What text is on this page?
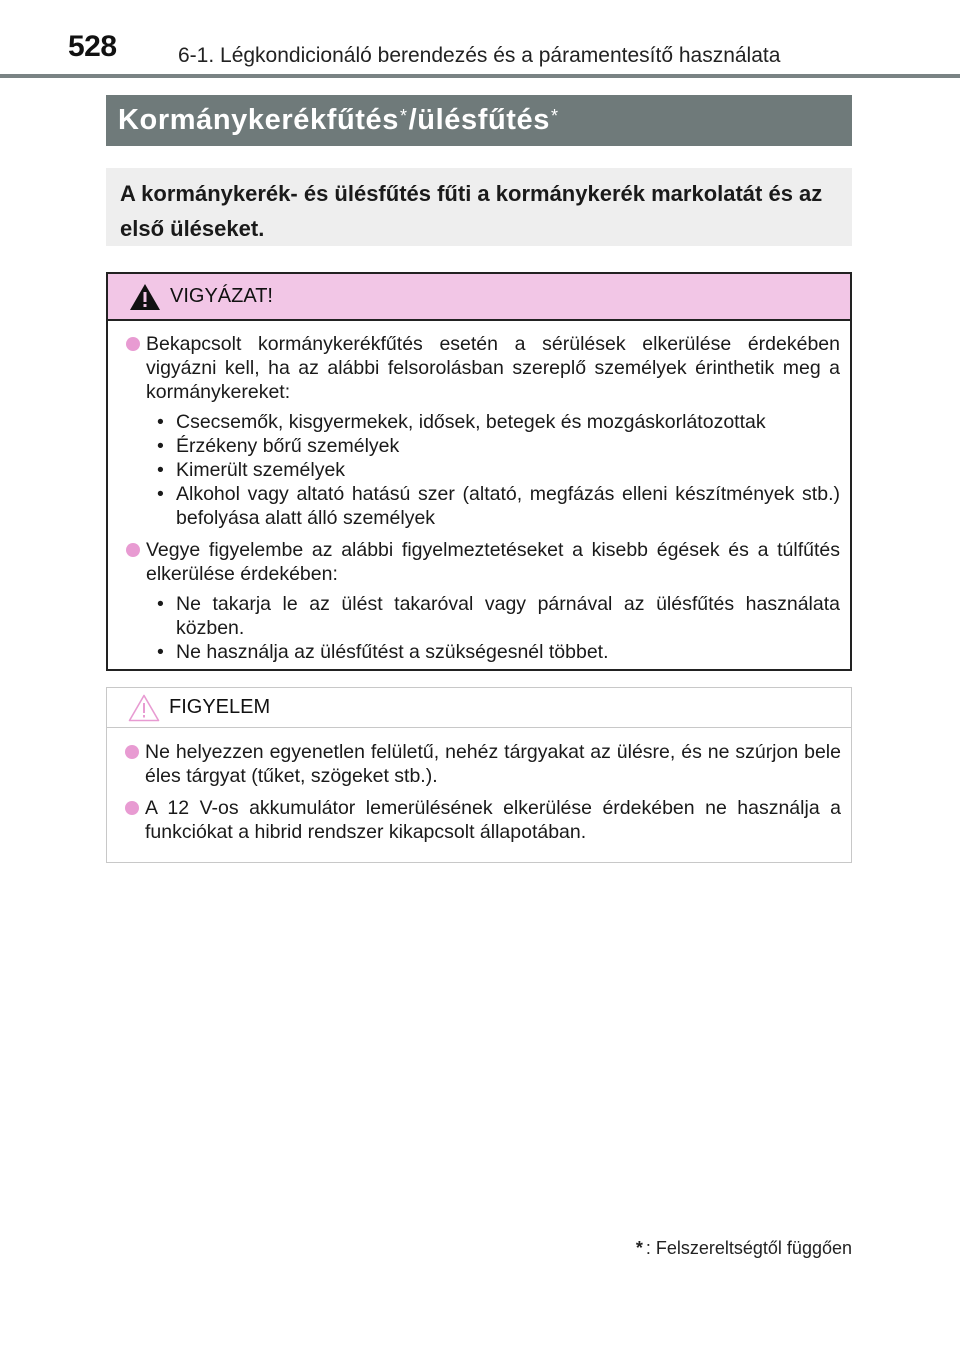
528	6-1. Légkondicionáló berendezés és a páramentesítő használata
Kormánykerékfűtés* /ülésfűtés*
A kormánykerék- és ülésfűtés fűti a kormánykerék markolatát és az első üléseket.
VIGYÁZAT!
Bekapcsolt kormánykerékfűtés esetén a sérülések elkerülése érdekében vigyázni kell, ha az alábbi felsorolásban szereplő személyek érinthetik meg a kormánykereket:
• Csecsemők, kisgyermekek, idősek, betegek és mozgáskorlátozottak
• Érzékeny bőrű személyek
• Kimerült személyek
• Alkohol vagy altató hatású szer (altató, megfázás elleni készítmények stb.) befolyása alatt álló személyek
Vegye figyelembe az alábbi figyelmeztetéseket a kisebb égések és a túlfűtés elkerülése érdekében:
• Ne takarja le az ülést takaróval vagy párnával az ülésfűtés használata közben.
• Ne használja az ülésfűtést a szükségesnél többet.
FIGYELEM
Ne helyezzen egyenetlen felületű, nehéz tárgyakat az ülésre, és ne szúrjon bele éles tárgyat (tűket, szögeket stb.).
A 12 V-os akkumulátor lemerülésének elkerülése érdekében ne használja a funkciókat a hibrid rendszer kikapcsolt állapotában.
* : Felszereltségtől függően
